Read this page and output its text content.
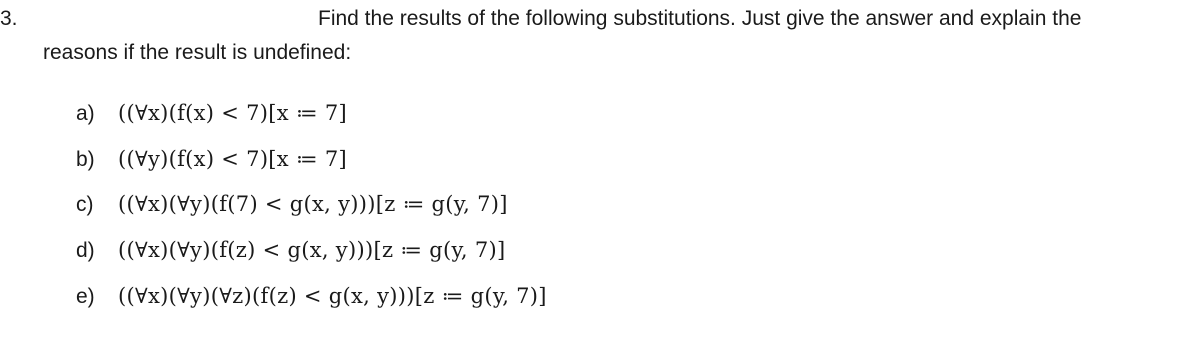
3.	Find the results of the following substitutions. Just give the answer and explain the
reasons if the result is undefined:
a)	((∀x)(f(x) < 7)[x ≔ 7]
b)	((∀y)(f(x) < 7)[x ≔ 7]
c)	((∀x)(∀y)(f(7) < g(x, y)))[z ≔ g(y, 7)]
d)	((∀x)(∀y)(f(z) < g(x, y)))[z ≔ g(y, 7)]
e)	((∀x)(∀y)(∀z)(f(z) < g(x, y)))[z ≔ g(y, 7)]
